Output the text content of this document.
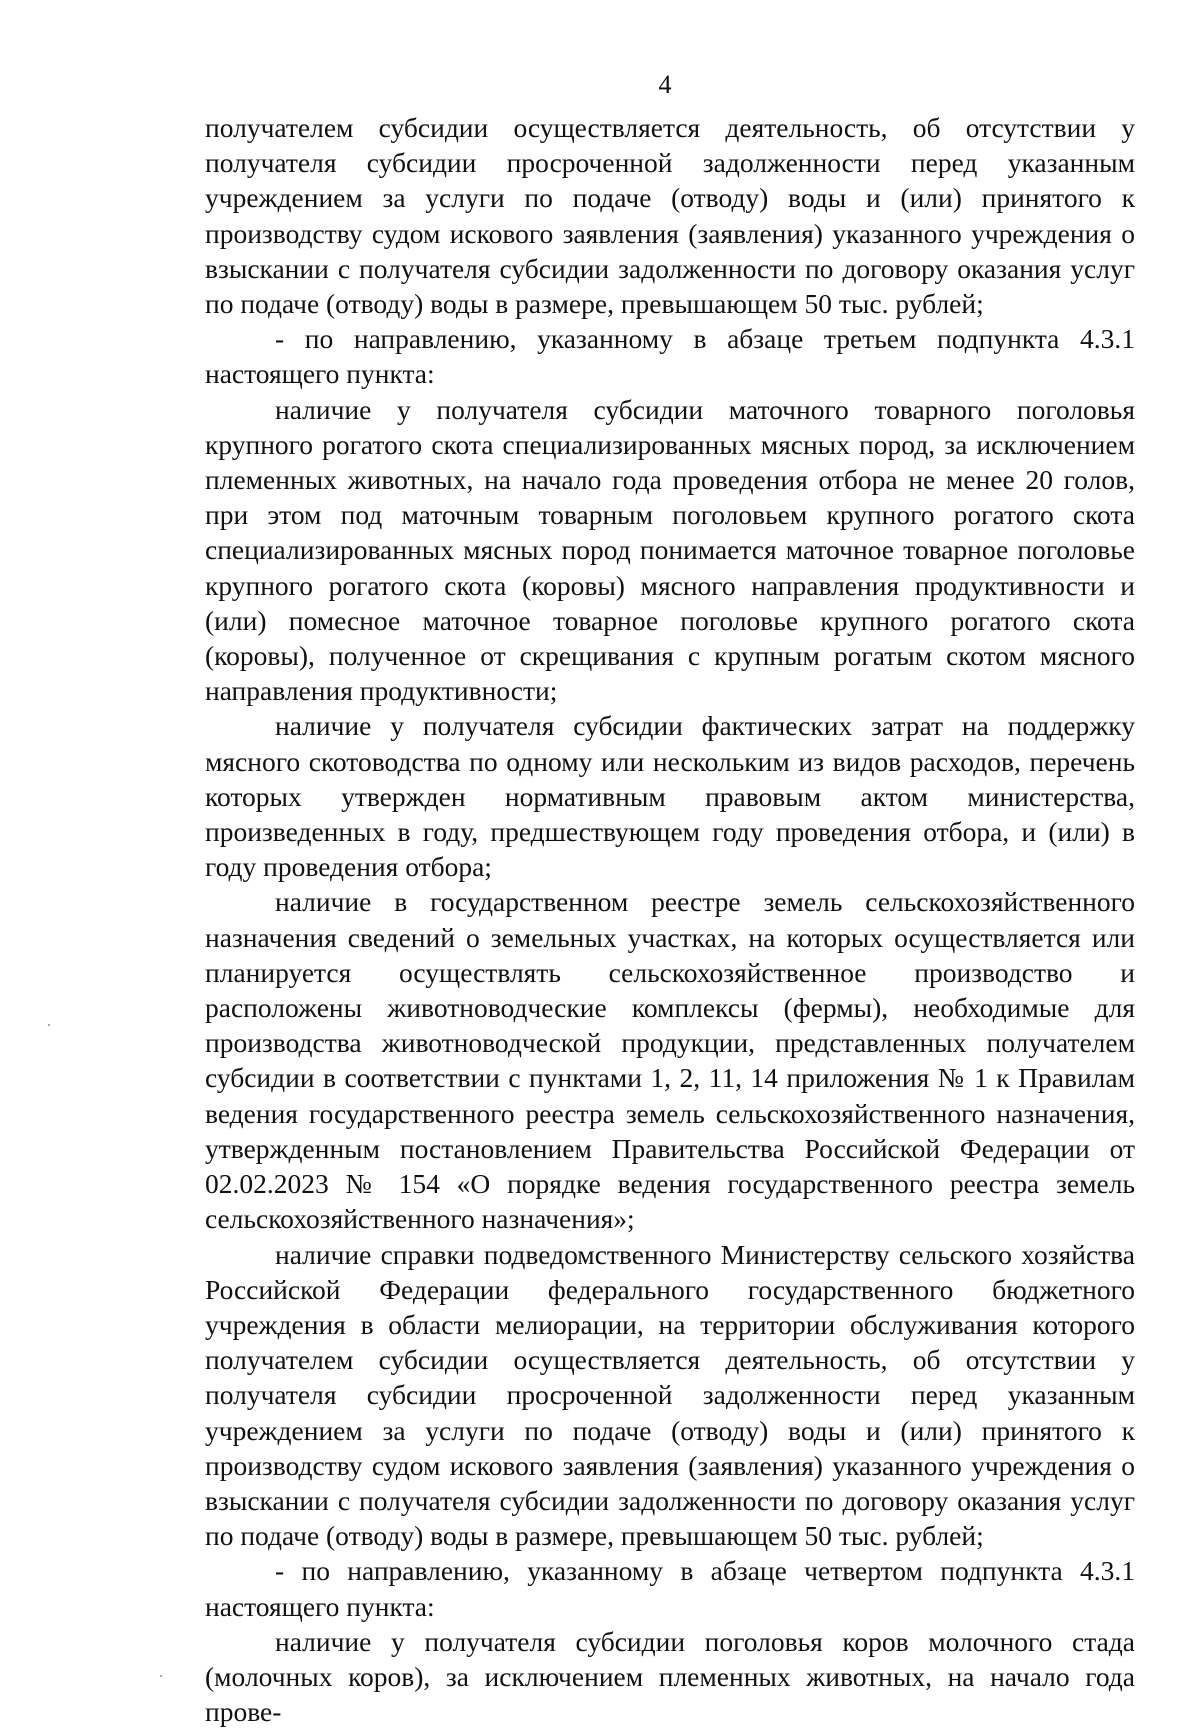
4

получателем субсидии осуществляется деятельность, об отсутствии у получателя субсидии просроченной задолженности перед указанным учреждением за услуги по подаче (отводу) воды и (или) принятого к производству судом искового заявления (заявления) указанного учреждения о взыскании с получателя субсидии задолженности по договору оказания услуг по подаче (отводу) воды в размере, превышающем 50 тыс. рублей;

- по направлению, указанному в абзаце третьем подпункта 4.3.1 настоящего пункта:

наличие у получателя субсидии маточного товарного поголовья крупного рогатого скота специализированных мясных пород, за исключением племенных животных, на начало года проведения отбора не менее 20 голов, при этом под маточным товарным поголовьем крупного рогатого скота специализированных мясных пород понимается маточное товарное поголовье крупного рогатого скота (коровы) мясного направления продуктивности и (или) помесное маточное товарное поголовье крупного рогатого скота (коровы), полученное от скрещивания с крупным рогатым скотом мясного направления продуктивности;

наличие у получателя субсидии фактических затрат на поддержку мясного скотоводства по одному или нескольким из видов расходов, перечень которых утвержден нормативным правовым актом министерства, произведенных в году, предшествующем году проведения отбора, и (или) в году проведения отбора;

наличие в государственном реестре земель сельскохозяйственного назначения сведений о земельных участках, на которых осуществляется или планируется осуществлять сельскохозяйственное производство и расположены животноводческие комплексы (фермы), необходимые для производства животноводческой продукции, представленных получателем субсидии в соответствии с пунктами 1, 2, 11, 14 приложения № 1 к Правилам ведения государственного реестра земель сельскохозяйственного назначения, утвержденным постановлением Правительства Российской Федерации от 02.02.2023 № 154 «О порядке ведения государственного реестра земель сельскохозяйственного назначения»;

наличие справки подведомственного Министерству сельского хозяйства Российской Федерации федерального государственного бюджетного учреждения в области мелиорации, на территории обслуживания которого получателем субсидии осуществляется деятельность, об отсутствии у получателя субсидии просроченной задолженности перед указанным учреждением за услуги по подаче (отводу) воды и (или) принятого к производству судом искового заявления (заявления) указанного учреждения о взыскании с получателя субсидии задолженности по договору оказания услуг по подаче (отводу) воды в размере, превышающем 50 тыс. рублей;

- по направлению, указанному в абзаце четвертом подпункта 4.3.1 настоящего пункта:

наличие у получателя субсидии поголовья коров молочного стада (молочных коров), за исключением племенных животных, на начало года прове-
